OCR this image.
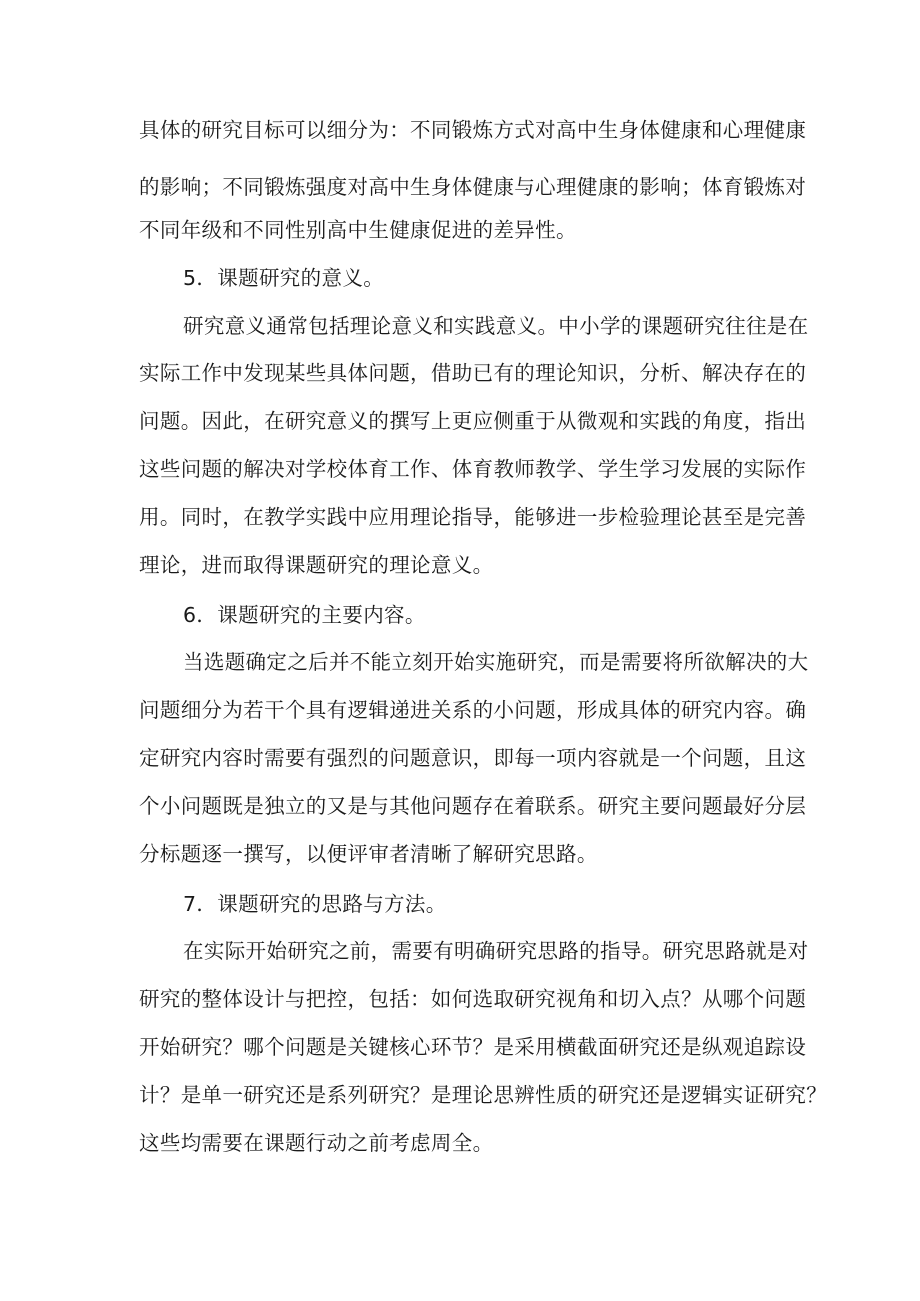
具体的研究目标可以细分为：不同锻炼方式对高中生身体健康和心理健康

的影响；不同锻炼强度对高中生身体健康与心理健康的影响；体育锻炼对

不同年级和不同性别高中生健康促进的差异性。

5．课题研究的意义。

研究意义通常包括理论意义和实践意义。中小学的课题研究往往是在

实际工作中发现某些具体问题，借助已有的理论知识，分析、解决存在的

问题。因此，在研究意义的撰写上更应侧重于从微观和实践的角度，指出

这些问题的解决对学校体育工作、体育教师教学、学生学习发展的实际作

用。同时，在教学实践中应用理论指导，能够进一步检验理论甚至是完善

理论，进而取得课题研究的理论意义。

6．课题研究的主要内容。

当选题确定之后并不能立刻开始实施研究，而是需要将所欲解决的大

问题细分为若干个具有逻辑递进关系的小问题，形成具体的研究内容。确

定研究内容时需要有强烈的问题意识，即每一项内容就是一个问题，且这

个小问题既是独立的又是与其他问题存在着联系。研究主要问题最好分层

分标题逐一撰写，以便评审者清晰了解研究思路。

7．课题研究的思路与方法。

在实际开始研究之前，需要有明确研究思路的指导。研究思路就是对

研究的整体设计与把控，包括：如何选取研究视角和切入点？从哪个问题

开始研究？哪个问题是关键核心环节？是采用横截面研究还是纵观追踪设

计？是单一研究还是系列研究？是理论思辨性质的研究还是逻辑实证研究？

这些均需要在课题行动之前考虑周全。
